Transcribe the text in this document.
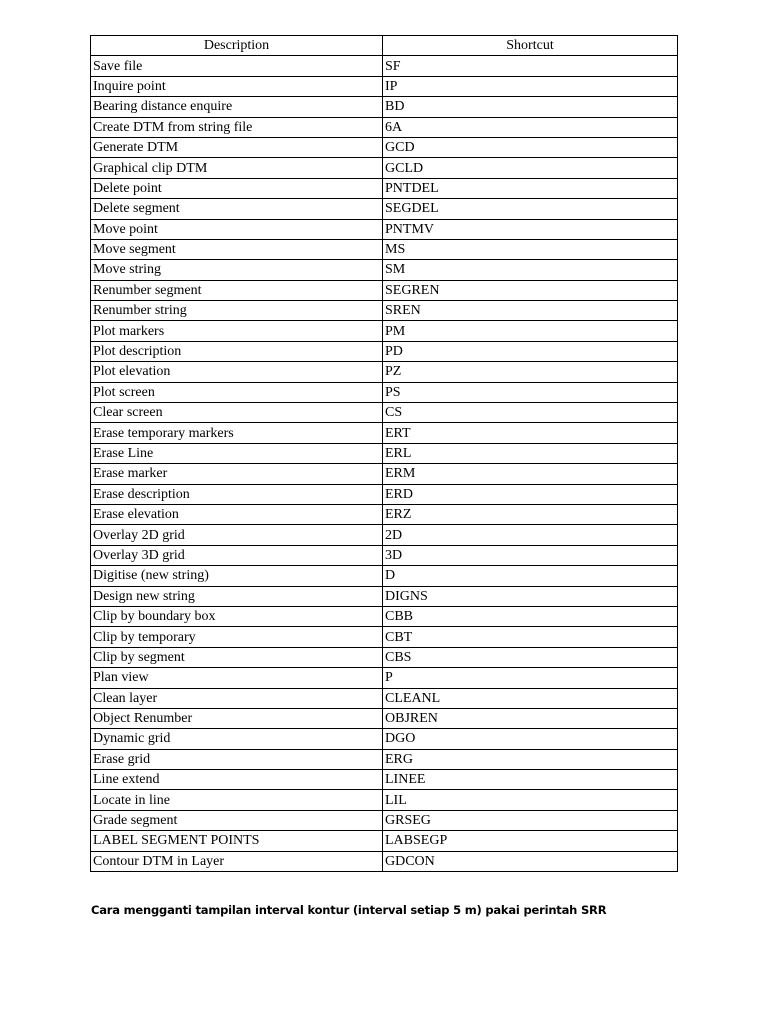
Description	Shortcut
Save file	SF
Inquire point	IP
Bearing distance enquire	BD
Create DTM from string file	6A
Generate DTM	GCD
Graphical clip DTM	GCLD
Delete point	PNTDEL
Delete segment	SEGDEL
Move point	PNTMV
Move segment	MS
Move string	SM
Renumber segment	SEGREN
Renumber string	SREN
Plot markers	PM
Plot description	PD
Plot elevation	PZ
Plot screen	PS
Clear screen	CS
Erase temporary markers	ERT
Erase Line	ERL
Erase marker	ERM
Erase description	ERD
Erase elevation	ERZ
Overlay 2D grid	2D
Overlay 3D grid	3D
Digitise (new string)	D
Design new string	DIGNS
Clip by boundary box	CBB
Clip by temporary	CBT
Clip by segment	CBS
Plan view	P
Clean layer	CLEANL
Object Renumber	OBJREN
Dynamic grid	DGO
Erase grid	ERG
Line extend	LINEE
Locate in line	LIL
Grade segment	GRSEG
LABEL SEGMENT POINTS	LABSEGP
Contour DTM in Layer	GDCON
Cara mengganti tampilan interval kontur (interval setiap 5 m) pakai perintah SRR
